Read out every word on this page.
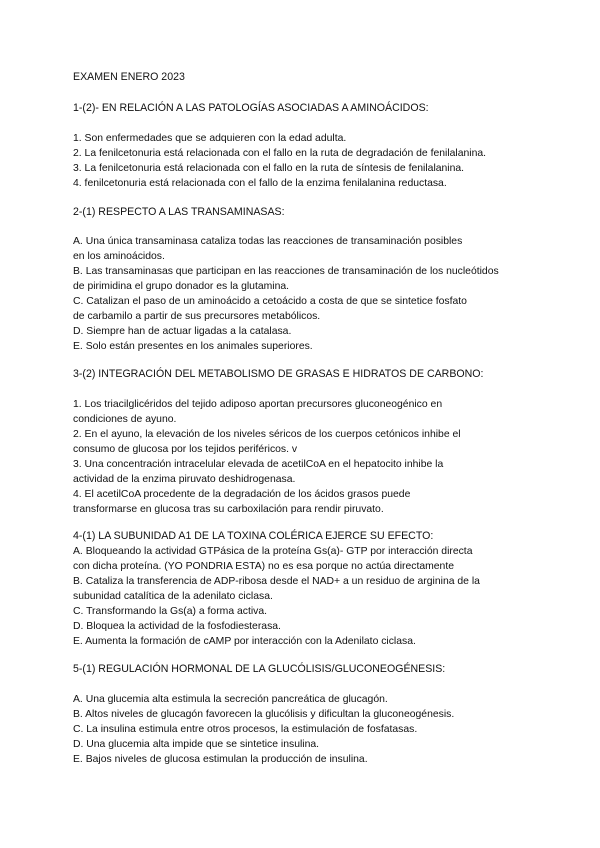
EXAMEN ENERO 2023

1-(2)- EN RELACIÓN A LAS PATOLOGÍAS ASOCIADAS A AMINOÁCIDOS:

1. Son enfermedades que se adquieren con la edad adulta.

2. La fenilcetonuria está relacionada con el fallo en la ruta de degradación de fenilalanina.

3. La fenilcetonuria está relacionada con el fallo en la ruta de síntesis de fenilalanina.

4. fenilcetonuria está relacionada con el fallo de la enzima fenilalanina reductasa.

2-(1) RESPECTO A LAS TRANSAMINASAS:

A. Una única transaminasa cataliza todas las reacciones de transaminación posibles

en los aminoácidos.

B. Las transaminasas que participan en las reacciones de transaminación de los nucleótidos

de pirimidina el grupo donador es la glutamina.

C. Catalizan el paso de un aminoácido a cetoácido a costa de que se sintetice fosfato

de carbamilo a partir de sus precursores metabólicos.

D. Siempre han de actuar ligadas a la catalasa.

E. Solo están presentes en los animales superiores.

3-(2) INTEGRACIÓN DEL METABOLISMO DE GRASAS E HIDRATOS DE CARBONO:

1. Los triacilglicéridos del tejido adiposo aportan precursores gluconeogénico en

condiciones de ayuno.

2. En el ayuno, la elevación de los niveles séricos de los cuerpos cetónicos inhibe el

consumo de glucosa por los tejidos periféricos. v

3. Una concentración intracelular elevada de acetilCoA en el hepatocito inhibe la

actividad de la enzima piruvato deshidrogenasa.

4. El acetilCoA procedente de la degradación de los ácidos grasos puede

transformarse en glucosa tras su carboxilación para rendir piruvato.

4-(1) LA SUBUNIDAD A1 DE LA TOXINA COLÉRICA EJERCE SU EFECTO:

A. Bloqueando la actividad GTPásica de la proteína Gs(a)- GTP por interacción directa

con dicha proteína. (YO PONDRIA ESTA) no es esa porque no actúa directamente

B. Cataliza la transferencia de ADP-ribosa desde el NAD+ a un residuo de arginina de la

subunidad catalítica de la adenilato ciclasa.

C. Transformando la Gs(a) a forma activa.

D. Bloquea la actividad de la fosfodiesterasa.

E. Aumenta la formación de cAMP por interacción con la Adenilato ciclasa.

5-(1) REGULACIÓN HORMONAL DE LA GLUCÓLISIS/GLUCONEOGÉNESIS:

A. Una glucemia alta estimula la secreción pancreática de glucagón.

B. Altos niveles de glucagón favorecen la glucólisis y dificultan la gluconeogénesis.

C. La insulina estimula entre otros procesos, la estimulación de fosfatasas.

D. Una glucemia alta impide que se sintetice insulina.

E. Bajos niveles de glucosa estimulan la producción de insulina.
